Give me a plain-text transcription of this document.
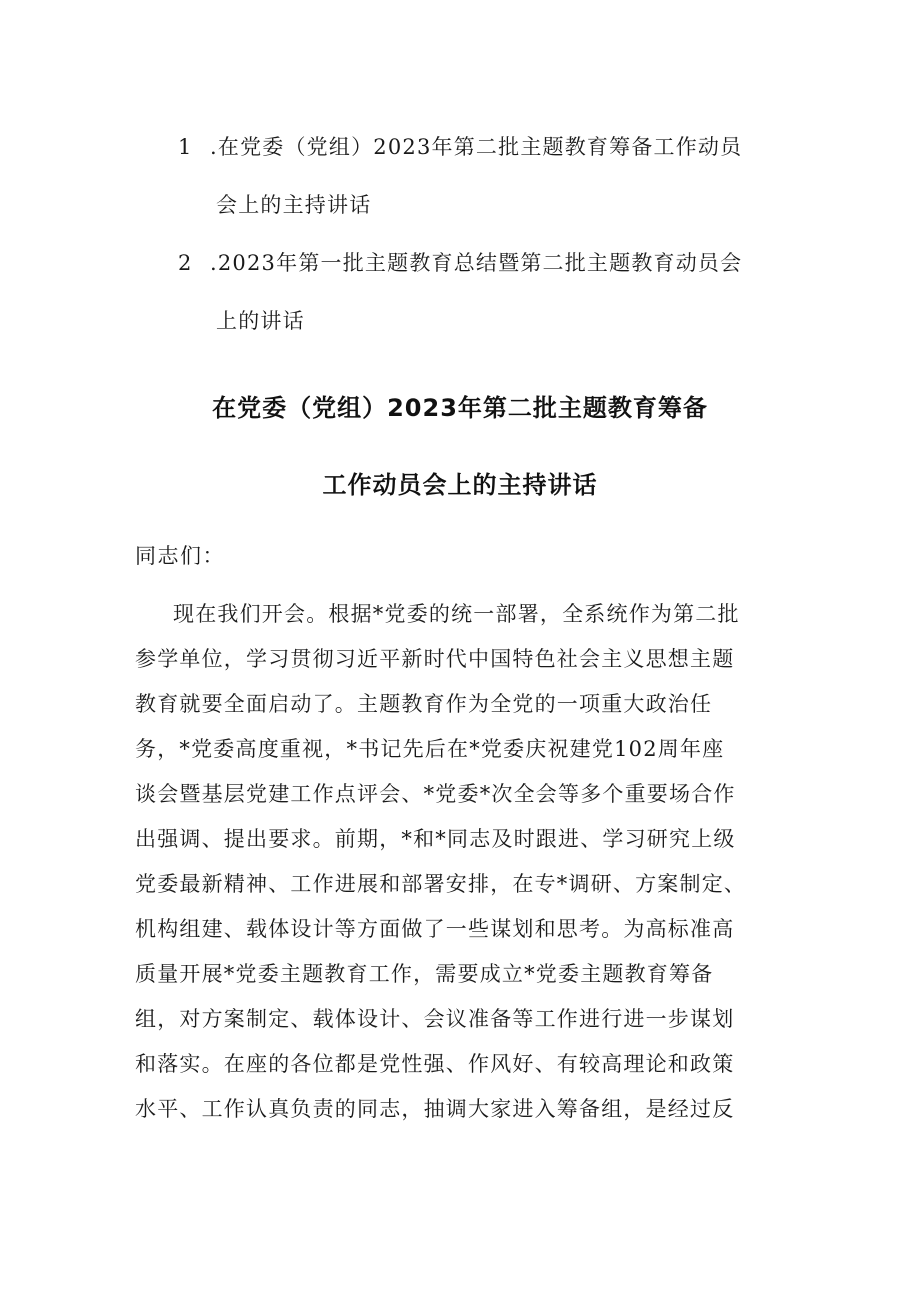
1 .在党委（党组）2023年第二批主题教育筹备工作动员
会上的主持讲话
2 .2023年第一批主题教育总结暨第二批主题教育动员会
上的讲话
在党委（党组）2023年第二批主题教育筹备
工作动员会上的主持讲话
同志们：
现在我们开会。根据*党委的统一部署，全系统作为第二批
参学单位，学习贯彻习近平新时代中国特色社会主义思想主题
教育就要全面启动了。主题教育作为全党的一项重大政治任
务，*党委高度重视，*书记先后在*党委庆祝建党102周年座
谈会暨基层党建工作点评会、*党委*次全会等多个重要场合作
出强调、提出要求。前期，*和*同志及时跟进、学习研究上级
党委最新精神、工作进展和部署安排，在专*调研、方案制定、
机构组建、载体设计等方面做了一些谋划和思考。为高标准高
质量开展*党委主题教育工作，需要成立*党委主题教育筹备
组，对方案制定、载体设计、会议准备等工作进行进一步谋划
和落实。在座的各位都是党性强、作风好、有较高理论和政策
水平、工作认真负责的同志，抽调大家进入筹备组，是经过反
